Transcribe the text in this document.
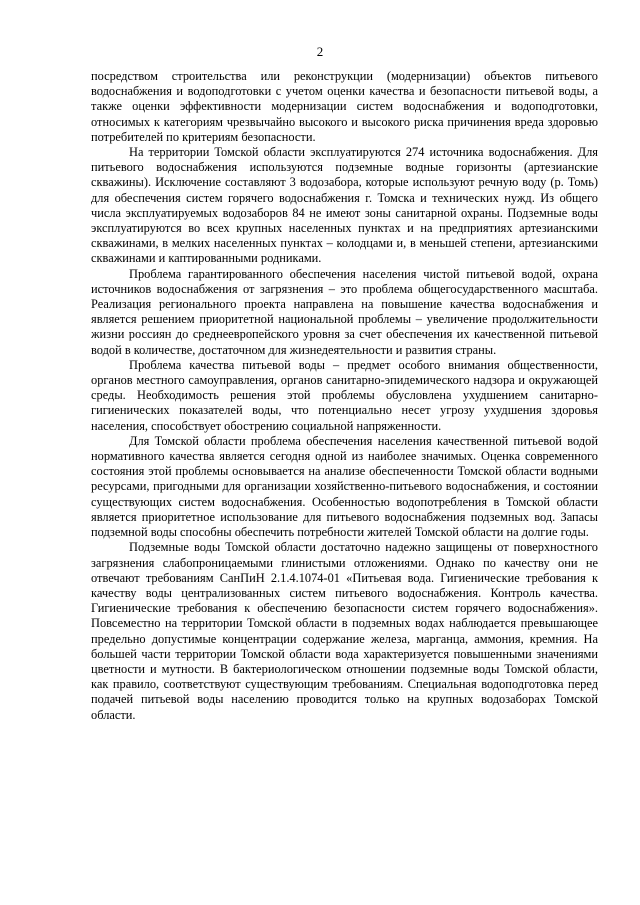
2

посредством строительства или реконструкции (модернизации) объектов питьевого водоснабжения и водоподготовки с учетом оценки качества и безопасности питьевой воды, а также оценки эффективности модернизации систем водоснабжения и водоподготовки, относимых к категориям чрезвычайно высокого и высокого риска причинения вреда здоровью потребителей по критериям безопасности.

На территории Томской области эксплуатируются 274 источника водоснабжения. Для питьевого водоснабжения используются подземные водные горизонты (артезианские скважины). Исключение составляют 3 водозабора, которые используют речную воду (р. Томь) для обеспечения систем горячего водоснабжения г. Томска и технических нужд. Из общего числа эксплуатируемых водозаборов 84 не имеют зоны санитарной охраны. Подземные воды эксплуатируются во всех крупных населенных пунктах и на предприятиях артезианскими скважинами, в мелких населенных пунктах – колодцами и, в меньшей степени, артезианскими скважинами и каптированными родниками.

Проблема гарантированного обеспечения населения чистой питьевой водой, охрана источников водоснабжения от загрязнения – это проблема общегосударственного масштаба. Реализация регионального проекта направлена на повышение качества водоснабжения и является решением приоритетной национальной проблемы – увеличение продолжительности жизни россиян до среднеевропейского уровня за счет обеспечения их качественной питьевой водой в количестве, достаточном для жизнедеятельности и развития страны.

Проблема качества питьевой воды – предмет особого внимания общественности, органов местного самоуправления, органов санитарно-эпидемического надзора и окружающей среды. Необходимость решения этой проблемы обусловлена ухудшением санитарно-гигиенических показателей воды, что потенциально несет угрозу ухудшения здоровья населения, способствует обострению социальной напряженности.

Для Томской области проблема обеспечения населения качественной питьевой водой нормативного качества является сегодня одной из наиболее значимых. Оценка современного состояния этой проблемы основывается на анализе обеспеченности Томской области водными ресурсами, пригодными для организации хозяйственно-питьевого водоснабжения, и состоянии существующих систем водоснабжения. Особенностью водопотребления в Томской области является приоритетное использование для питьевого водоснабжения подземных вод. Запасы подземной воды способны обеспечить потребности жителей Томской области на долгие годы.

Подземные воды Томской области достаточно надежно защищены от поверхностного загрязнения слабопроницаемыми глинистыми отложениями. Однако по качеству они не отвечают требованиям СанПиН 2.1.4.1074-01 «Питьевая вода. Гигиенические требования к качеству воды централизованных систем питьевого водоснабжения. Контроль качества. Гигиенические требования к обеспечению безопасности систем горячего водоснабжения». Повсеместно на территории Томской области в подземных водах наблюдается превышающее предельно допустимые концентрации содержание железа, марганца, аммония, кремния. На большей части территории Томской области вода характеризуется повышенными значениями цветности и мутности. В бактериологическом отношении подземные воды Томской области, как правило, соответствуют существующим требованиям. Специальная водоподготовка перед подачей питьевой воды населению проводится только на крупных водозаборах Томской области.
